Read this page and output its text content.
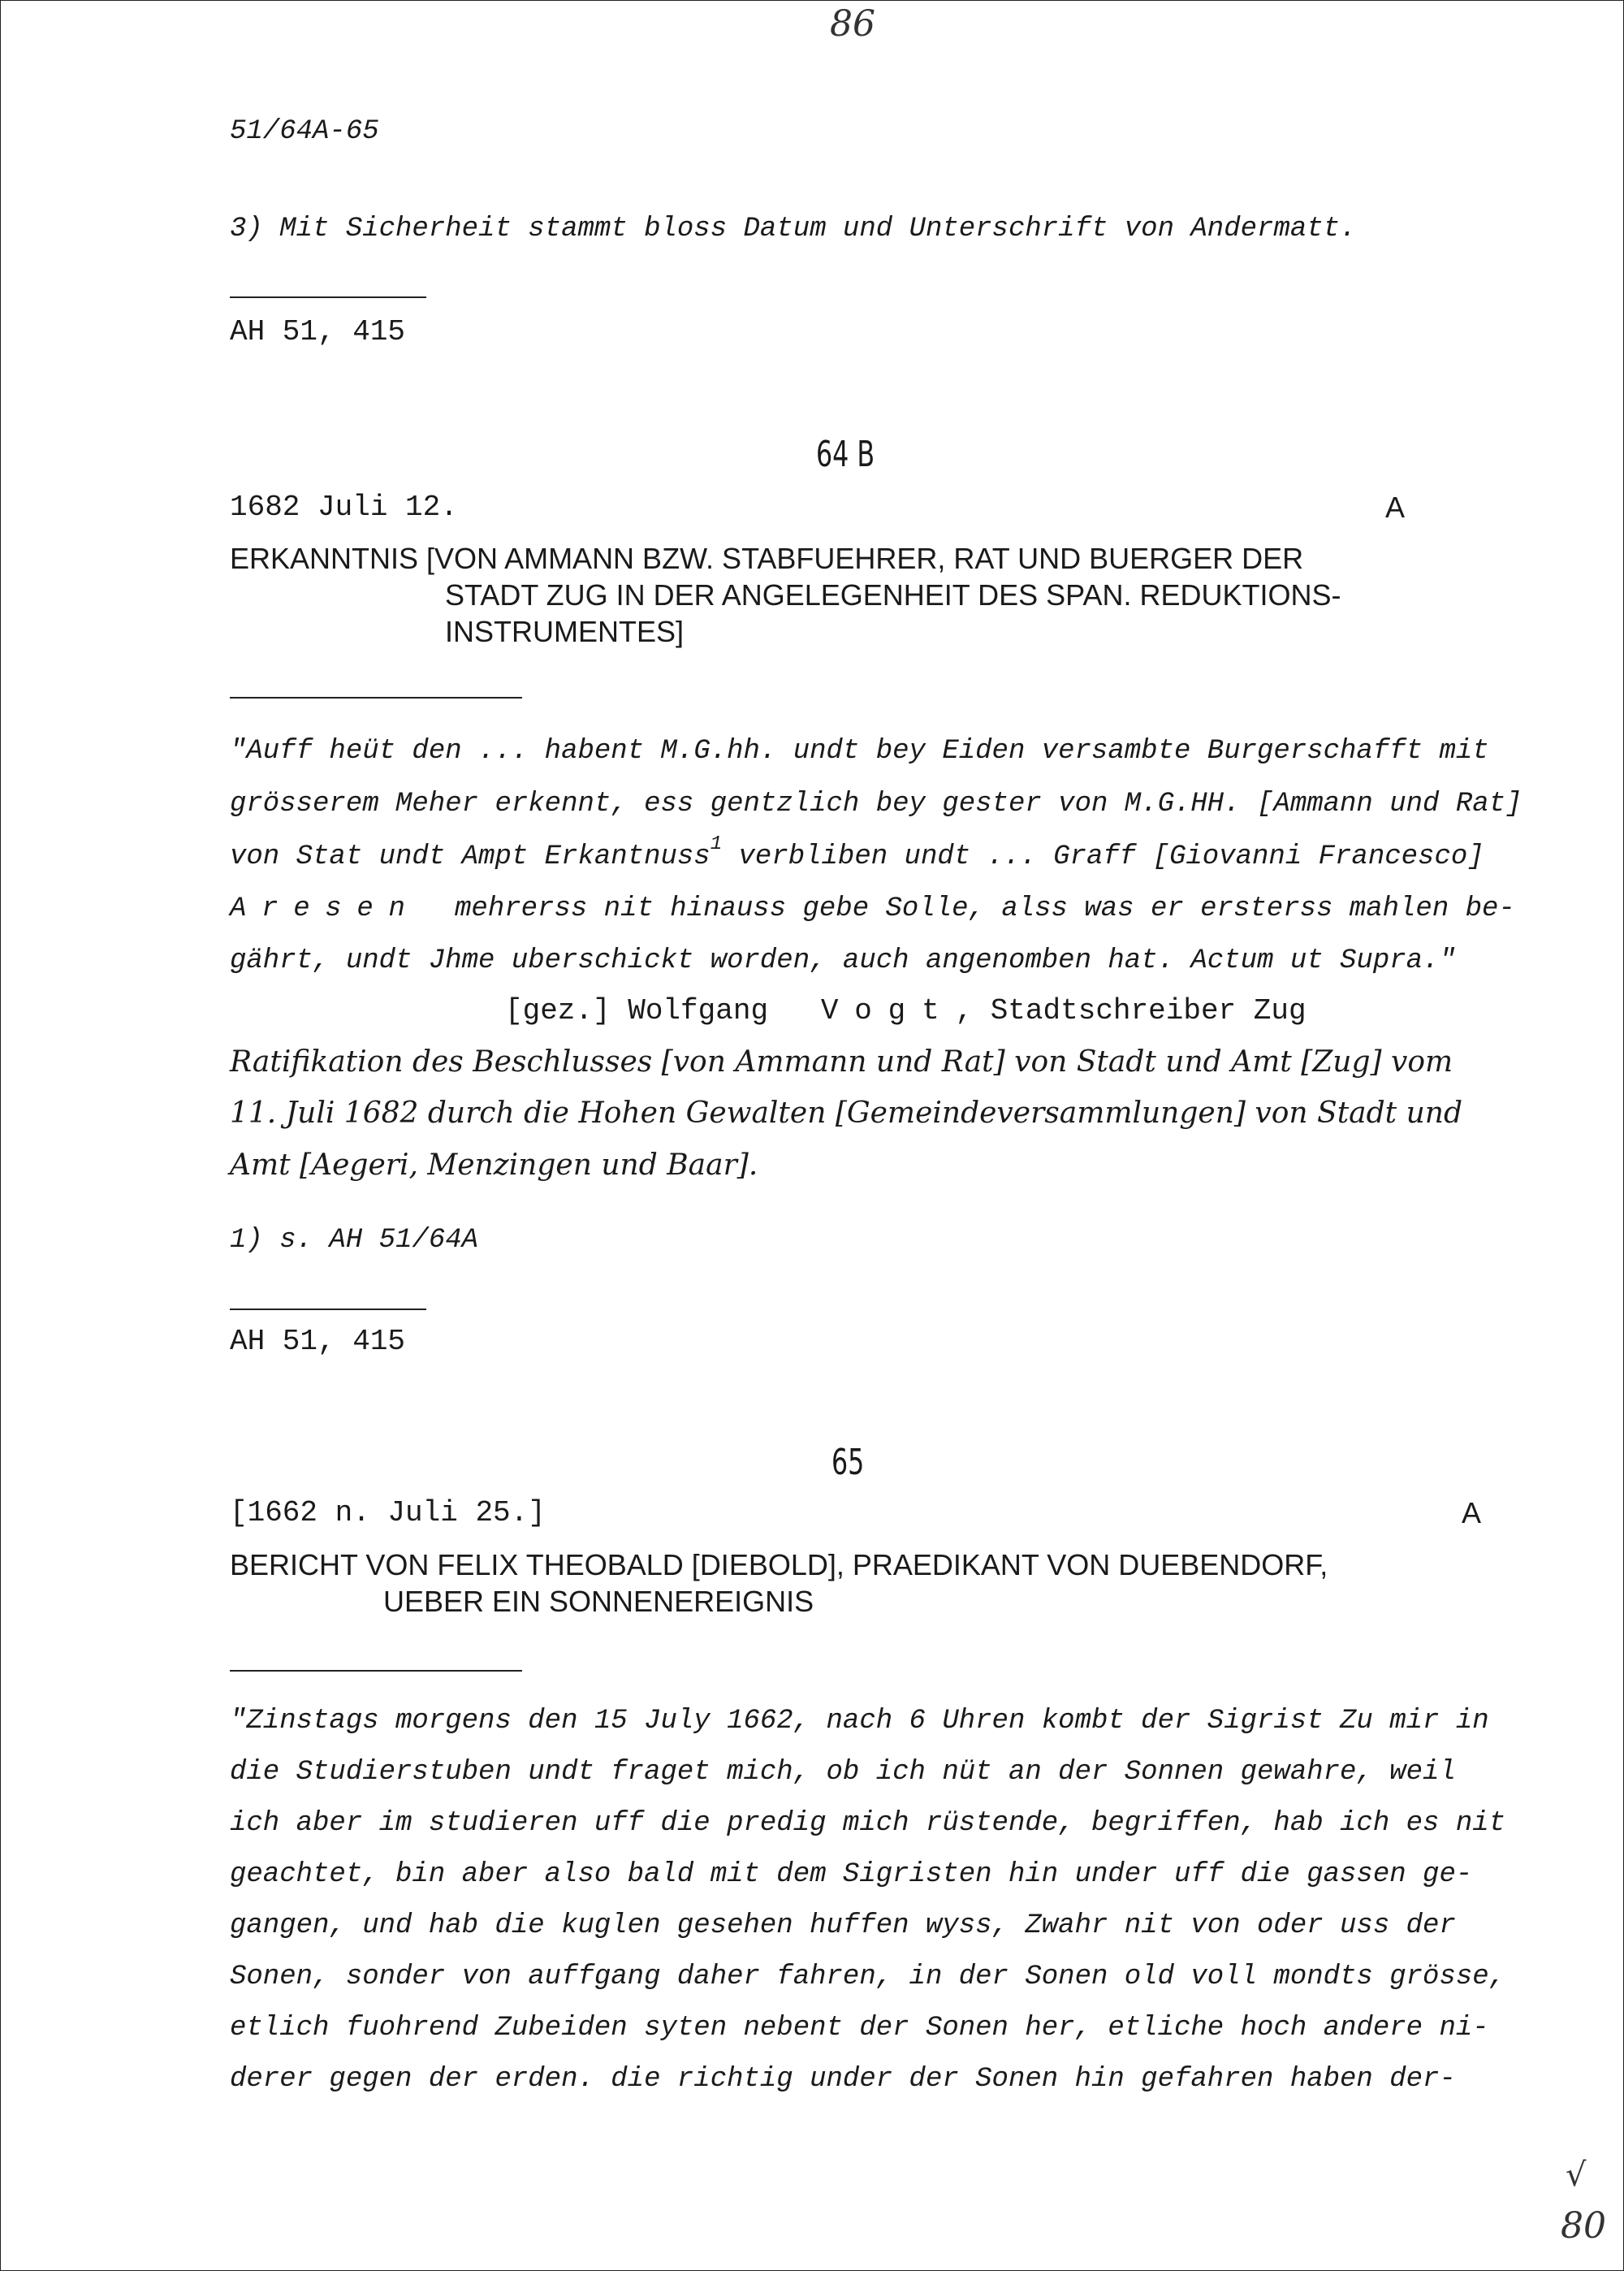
86
51/64A-65
3) Mit Sicherheit stammt bloss Datum und Unterschrift von Andermatt.
AH 51, 415
64 B
1682 Juli 12.	A
ERKANNTNIS [VON AMMANN BZW. STABFUEHRER, RAT UND BUERGER DER
STADT ZUG IN DER ANGELEGENHEIT DES SPAN. REDUKTIONS-
INSTRUMENTES]
"Auff heüt den ... habent M.G.hh. undt bey Eiden versambte Burgerschafft mit
grösserem Meher erkennt, ess gentzlich bey gester von M.G.HH. [Ammann und Rat]
von Stat undt Ampt Erkantnuss$^1$ verbliben undt ... Graff [Giovanni Francesco]
Aresen mehrerss nit hinauss gebe Solle, alss was er ersterss mahlen be-
gährt, undt Jhme uberschickt worden, auch angenomben hat. Actum ut Supra."
[gez.] Wolfgang Vogt, Stadtschreiber Zug
Ratifikation des Beschlusses [von Ammann und Rat] von Stadt und Amt [Zug] vom
11. Juli 1682 durch die Hohen Gewalten [Gemeindeversammlungen] von Stadt und
Amt [Aegeri, Menzingen und Baar].
1) s. AH 51/64A
AH 51, 415
65
[1662 n. Juli 25.]	A
BERICHT VON FELIX THEOBALD [DIEBOLD], PRAEDIKANT VON DUEBENDORF,
UEBER EIN SONNENEREIGNIS
"Zinstags morgens den 15 July 1662, nach 6 Uhren kombt der Sigrist Zu mir in
die Studierstuben undt fraget mich, ob ich nüt an der Sonnen gewahre, weil
ich aber im studieren uff die predig mich rüstende, begriffen, hab ich es nit
geachtet, bin aber also bald mit dem Sigristen hin under uff die gassen ge-
gangen, und hab die kuglen gesehen huffen wyss, Zwahr nit von oder uss der
Sonen, sonder von auffgang daher fahren, in der Sonen old voll mondts grösse,
etlich fuohrend Zubeiden syten nebent der Sonen her, etliche hoch andere ni-
derer gegen der erden. die richtig under der Sonen hin gefahren haben der-
√
80
